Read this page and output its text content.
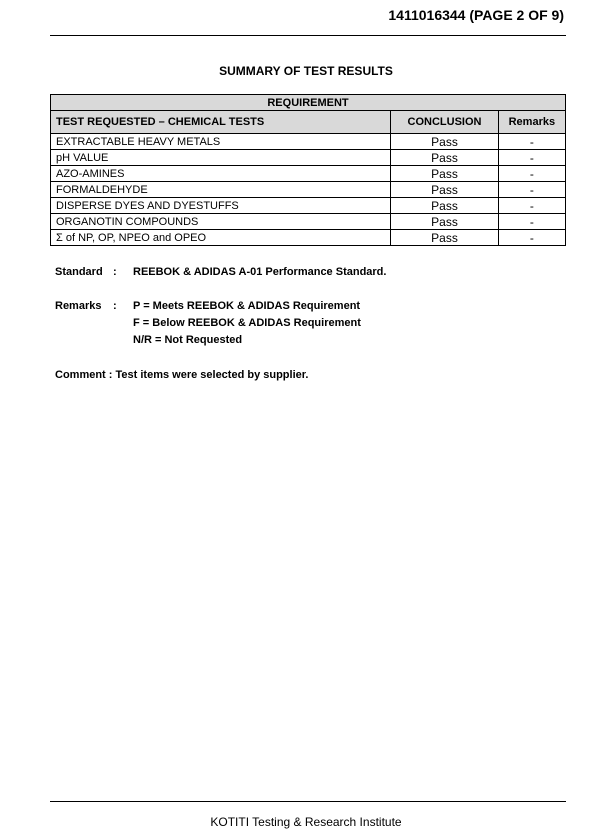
1411016344 (PAGE 2 OF 9)
SUMMARY OF TEST RESULTS
REQUIREMENT		
TEST REQUESTED – CHEMICAL TESTS	CONCLUSION	Remarks
EXTRACTABLE HEAVY METALS	Pass	-
pH VALUE	Pass	-
AZO-AMINES	Pass	-
FORMALDEHYDE	Pass	-
DISPERSE DYES AND DYESTUFFS	Pass	-
ORGANOTIN COMPOUNDS	Pass	-
Σ of NP, OP, NPEO and OPEO	Pass	-
Standard : REEBOK & ADIDAS A-01 Performance Standard.
Remarks : P = Meets REEBOK & ADIDAS Requirement
F = Below REEBOK & ADIDAS Requirement
N/R = Not Requested
Comment : Test items were selected by supplier.
KOTITI Testing & Research Institute
